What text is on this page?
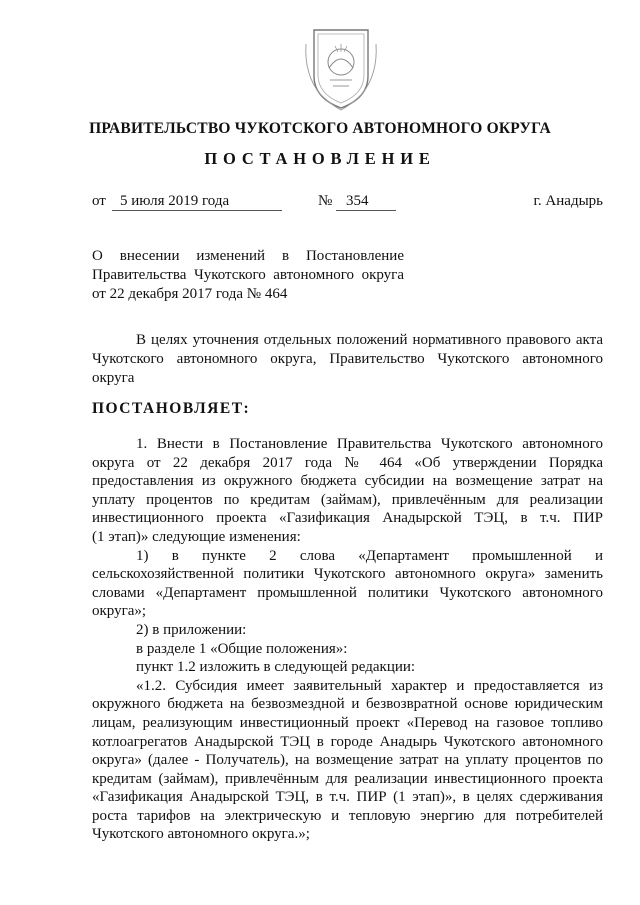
ПРАВИТЕЛЬСТВО ЧУКОТСКОГО АВТОНОМНОГО ОКРУГА
ПОСТАНОВЛЕНИЕ
от 5 июля 2019 года	№ 354	г. Анадырь
О внесении изменений в Постановление
Правительства Чукотского автономного округа
от 22 декабря 2017 года № 464
В целях уточнения отдельных положений нормативного правового акта
Чукотского автономного округа, Правительство Чукотского автономного
округа
ПОСТАНОВЛЯЕТ:
1. Внести в Постановление Правительства Чукотского автономного
округа от 22 декабря 2017 года № 464 «Об утверждении Порядка
предоставления из окружного бюджета субсидии на возмещение затрат на
уплату процентов по кредитам (займам), привлечённым для реализации
инвестиционного проекта «Газификация Анадырской ТЭЦ, в т.ч. ПИР
(1 этап)» следующие изменения:
1) в пункте 2 слова «Департамент промышленной и
сельскохозяйственной политики Чукотского автономного округа» заменить
словами «Департамент промышленной политики Чукотского автономного
округа»;
2) в приложении:
в разделе 1 «Общие положения»:
пункт 1.2 изложить в следующей редакции:
«1.2. Субсидия имеет заявительный характер и предоставляется из
окружного бюджета на безвозмездной и безвозвратной основе юридическим
лицам, реализующим инвестиционный проект «Перевод на газовое топливо
котлоагрегатов Анадырской ТЭЦ в городе Анадырь Чукотского автономного
округа» (далее - Получатель), на возмещение затрат на уплату процентов по
кредитам (займам), привлечённым для реализации инвестиционного проекта
«Газификация Анадырской ТЭЦ, в т.ч. ПИР (1 этап)», в целях сдерживания
роста тарифов на электрическую и тепловую энергию для потребителей
Чукотского автономного округа.»;
